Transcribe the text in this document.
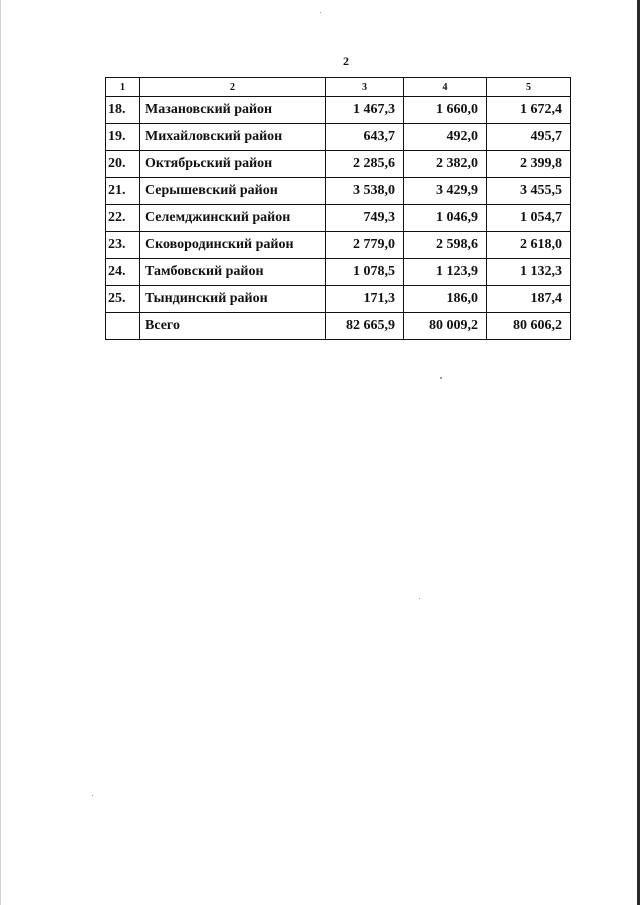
2
1	2	3	4	5
18.	Мазановский район	1 467,3	1 660,0	1 672,4
19.	Михайловский район	643,7	492,0	495,7
20.	Октябрьский район	2 285,6	2 382,0	2 399,8
21.	Серышевский район	3 538,0	3 429,9	3 455,5
22.	Селемджинский район	749,3	1 046,9	1 054,7
23.	Сковородинский район	2 779,0	2 598,6	2 618,0
24.	Тамбовский район	1 078,5	1 123,9	1 132,3
25.	Тындинский район	171,3	186,0	187,4
	Всего	82 665,9	80 009,2	80 606,2
